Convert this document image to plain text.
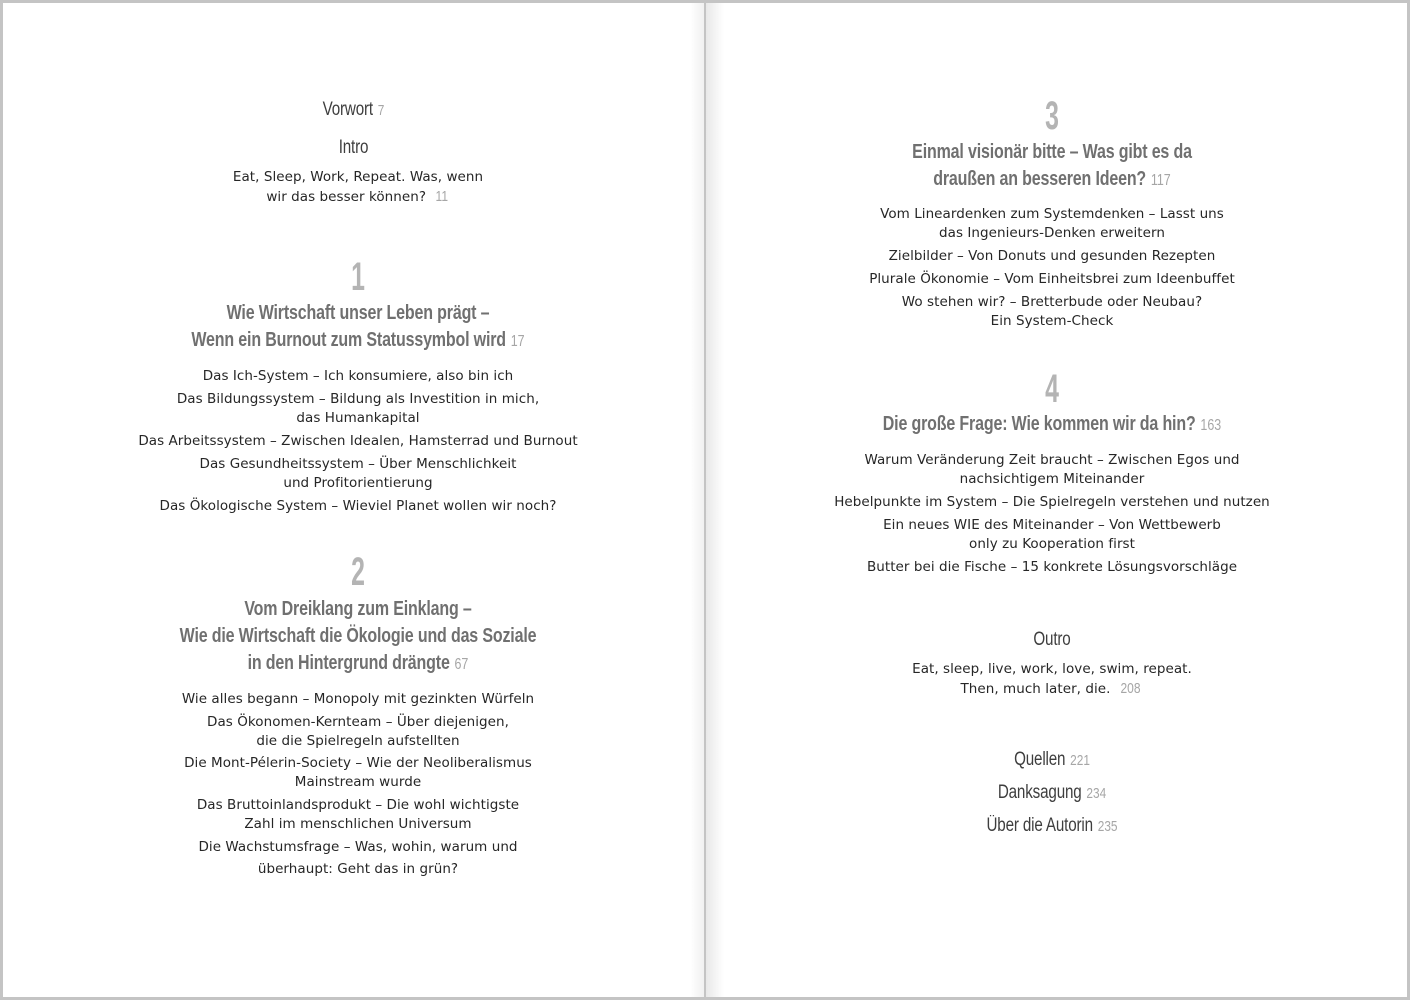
Vorwort 7
Intro
Eat, Sleep, Work, Repeat. Was, wenn
wir das besser können? 11
1
Wie Wirtschaft unser Leben prägt –
Wenn ein Burnout zum Statussymbol wird 17
Das Ich-System – Ich konsumiere, also bin ich
Das Bildungssystem – Bildung als Investition in mich,
das Humankapital
Das Arbeitssystem – Zwischen Idealen, Hamsterrad und Burnout
Das Gesundheitssystem – Über Menschlichkeit
und Profitorientierung
Das Ökologische System – Wieviel Planet wollen wir noch?
2
Vom Dreiklang zum Einklang –
Wie die Wirtschaft die Ökologie und das Soziale
in den Hintergrund drängte 67
Wie alles begann – Monopoly mit gezinkten Würfeln
Das Ökonomen-Kernteam – Über diejenigen,
die die Spielregeln aufstellten
Die Mont-Pélerin-Society – Wie der Neoliberalismus
Mainstream wurde
Das Bruttoinlandsprodukt – Die wohl wichtigste
Zahl im menschlichen Universum
Die Wachstumsfrage – Was, wohin, warum und
überhaupt: Geht das in grün?
3
Einmal visionär bitte – Was gibt es da
draußen an besseren Ideen? 117
Vom Lineardenken zum Systemdenken – Lasst uns
das Ingenieurs-Denken erweitern
Zielbilder – Von Donuts und gesunden Rezepten
Plurale Ökonomie – Vom Einheitsbrei zum Ideenbuffet
Wo stehen wir? – Bretterbude oder Neubau?
Ein System-Check
4
Die große Frage: Wie kommen wir da hin? 163
Warum Veränderung Zeit braucht – Zwischen Egos und
nachsichtigem Miteinander
Hebelpunkte im System – Die Spielregeln verstehen und nutzen
Ein neues WIE des Miteinander – Von Wettbewerb
only zu Kooperation first
Butter bei die Fische – 15 konkrete Lösungsvorschläge
Outro
Eat, sleep, live, work, love, swim, repeat.
Then, much later, die. 208
Quellen 221
Danksagung 234
Über die Autorin 235
